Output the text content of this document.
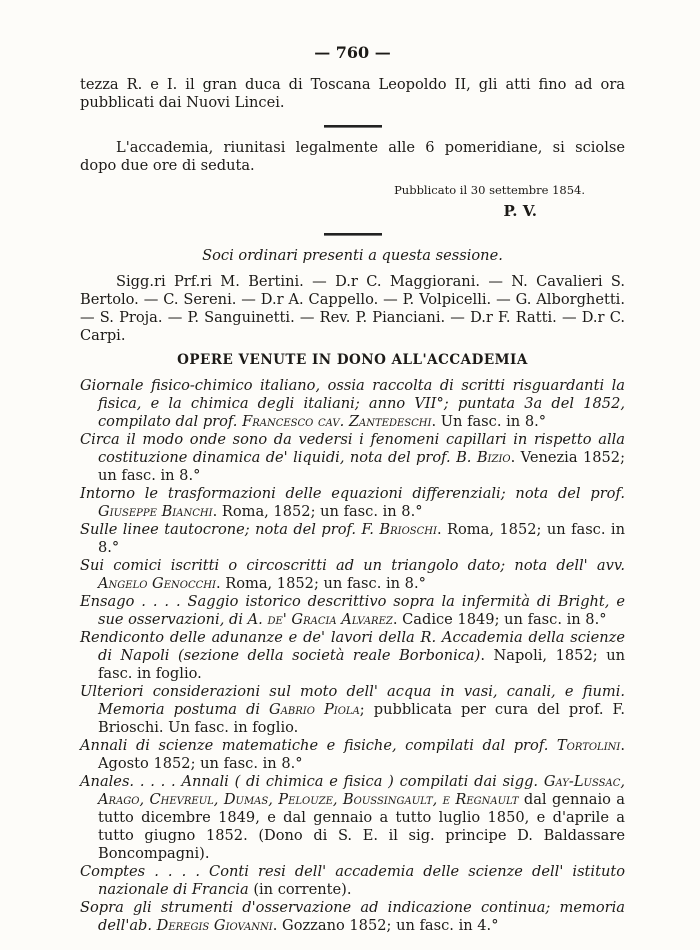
— 760 —
tezza R. e I. il gran duca di Toscana Leopoldo II, gli atti fino ad ora pubblicati dai Nuovi Lincei.
L'accademia, riunitasi legalmente alle 6 pomeridiane, si sciolse dopo due ore di seduta.
Pubblicato il 30 settembre 1854.
P. V.
Soci ordinari presenti a questa sessione.
Sigg.ri Prf.ri M. Bertini. — D.r C. Maggiorani. — N. Cavalieri S. Bertolo. — C. Sereni. — D.r A. Cappello. — P. Volpicelli. — G. Alborghetti. — S. Proja. — P. Sanguinetti. — Rev. P. Pianciani. — D.r F. Ratti. — D.r C. Carpi.
OPERE VENUTE IN DONO ALL'ACCADEMIA
Giornale fisico-chimico italiano, ossia raccolta di scritti risguardanti la fisica, e la chimica degli italiani; anno VII°; puntata 3a del 1852, compilato dal prof. Francesco cav. Zantedeschi. Un fasc. in 8.°
Circa il modo onde sono da vedersi i fenomeni capillari in rispetto alla costituzione dinamica de' liquidi, nota del prof. B. Bizio. Venezia 1852; un fasc. in 8.°
Intorno le trasformazioni delle equazioni differenziali; nota del prof. Giuseppe Bianchi. Roma, 1852; un fasc. in 8.°
Sulle linee tautocrone; nota del prof. F. Brioschi. Roma, 1852; un fasc. in 8.°
Sui comici iscritti o circoscritti ad un triangolo dato; nota dell' avv. Angelo Genocchi. Roma, 1852; un fasc. in 8.°
Ensago . . . . Saggio istorico descrittivo sopra la infermità di Bright, e sue osservazioni, di A. de' Gracia Alvarez. Cadice 1849; un fasc. in 8.°
Rendiconto delle adunanze e de' lavori della R. Accademia della scienze di Napoli (sezione della società reale Borbonica). Napoli, 1852; un fasc. in foglio.
Ulteriori considerazioni sul moto dell' acqua in vasi, canali, e fiumi. Memoria postuma di Gabrio Piola; pubblicata per cura del prof. F. Brioschi. Un fasc. in foglio.
Annali di scienze matematiche e fisiche, compilati dal prof. Tortolini. Agosto 1852; un fasc. in 8.°
Anales. . . . . Annali ( di chimica e fisica ) compilati dai sigg. Gay-Lussac, Arago, Chevreul, Dumas, Pelouze, Boussingault, e Regnault dal gennaio a tutto dicembre 1849, e dal gennaio a tutto luglio 1850, e d'aprile a tutto giugno 1852. (Dono di S. E. il sig. principe D. Baldassare Boncompagni).
Comptes . . . . Conti resi dell' accademia delle scienze dell' istituto nazionale di Francia (in corrente).
Sopra gli strumenti d'osservazione ad indicazione continua; memoria dell'ab. Deregis Giovanni. Gozzano 1852; un fasc. in 4.°
